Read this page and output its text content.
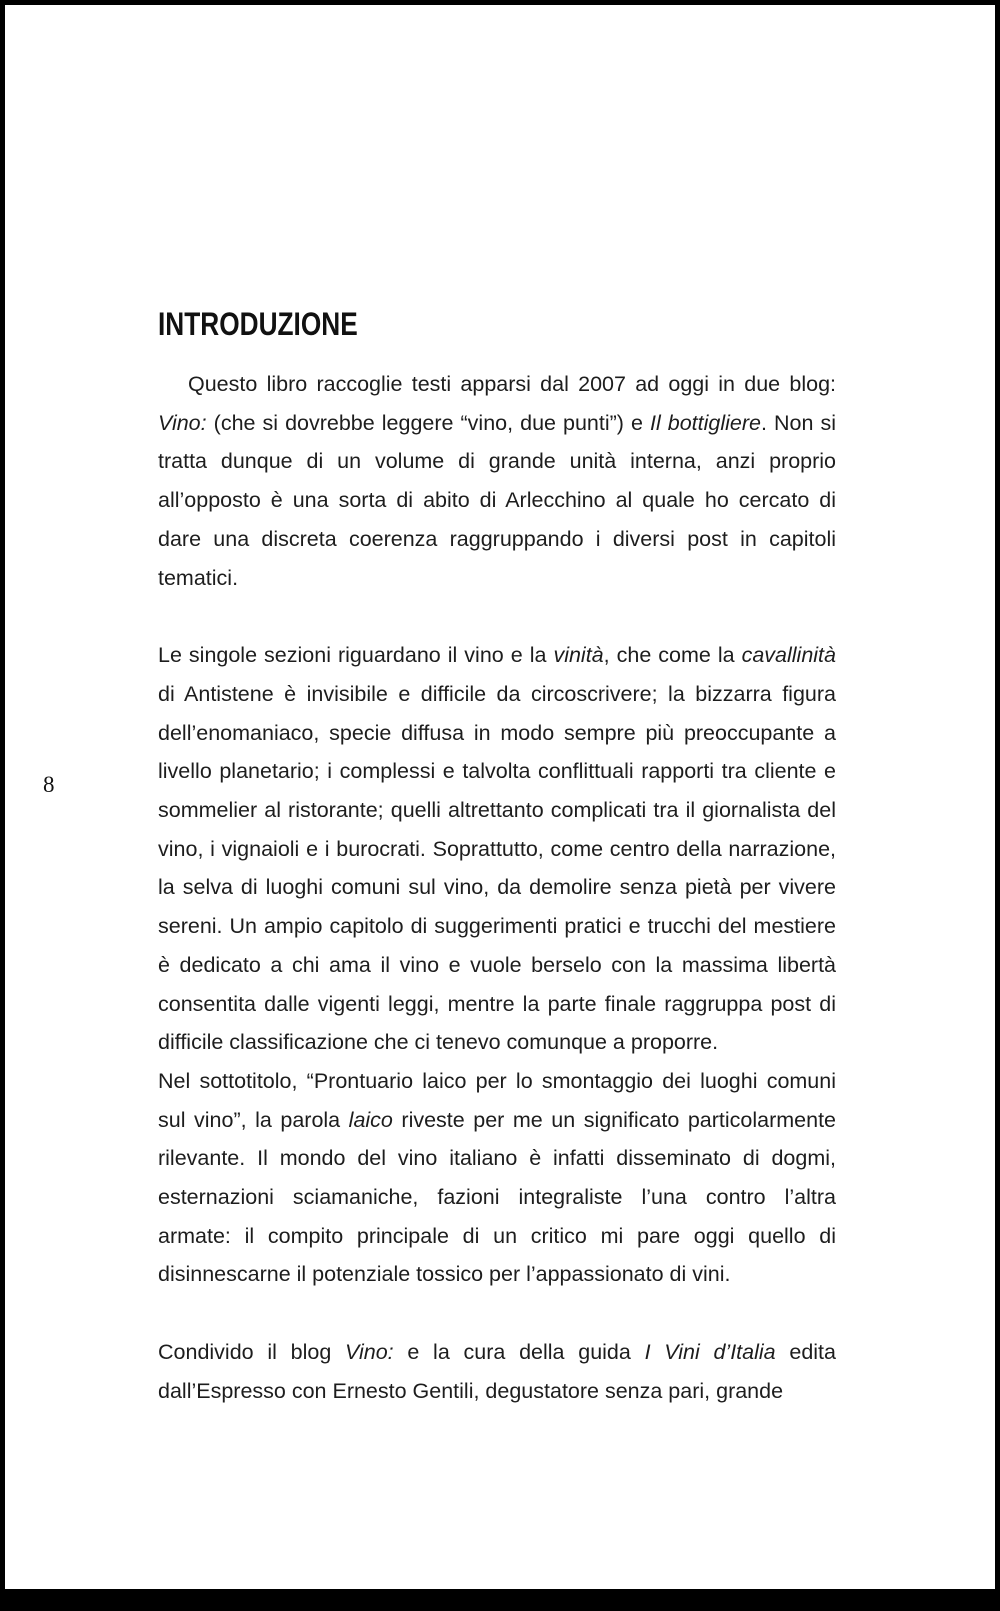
INTRODUZIONE

Questo libro raccoglie testi apparsi dal 2007 ad oggi in due blog: Vino: (che si dovrebbe leggere “vino, due punti”) e Il bottigliere. Non si tratta dunque di un volume di grande unità interna, anzi proprio all’opposto è una sorta di abito di Arlecchino al quale ho cercato di dare una discreta coerenza raggruppando i diversi post in capitoli tematici.

Le singole sezioni riguardano il vino e la vinità, che come la cavallinità di Antistene è invisibile e difficile da circoscrivere; la bizzarra figura dell’enomaniaco, specie diffusa in modo sempre più preoccupante a livello planetario; i complessi e talvolta conflittuali rapporti tra cliente e sommelier al ristorante; quelli altrettanto complicati tra il giornalista del vino, i vignaioli e i burocrati. Soprattutto, come centro della narrazione, la selva di luoghi comuni sul vino, da demolire senza pietà per vivere sereni. Un ampio capitolo di suggerimenti pratici e trucchi del mestiere è dedicato a chi ama il vino e vuole berselo con la massima libertà consentita dalle vigenti leggi, mentre la parte finale raggruppa post di difficile classificazione che ci tenevo comunque a proporre.

Nel sottotitolo, “Prontuario laico per lo smontaggio dei luoghi comuni sul vino”, la parola laico riveste per me un significato particolarmente rilevante. Il mondo del vino italiano è infatti disseminato di dogmi, esternazioni sciamaniche, fazioni integraliste l’una contro l’altra armate: il compito principale di un critico mi pare oggi quello di disinnescarne il potenziale tossico per l’appassionato di vini.

Condivido il blog Vino: e la cura della guida I Vini d’Italia edita dall’Espresso con Ernesto Gentili, degustatore senza pari, grande

8
